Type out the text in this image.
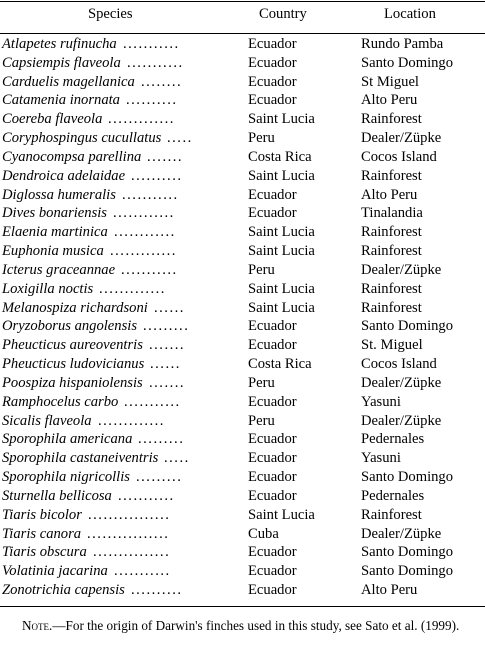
Species	Country	Location
Atlapetes rufinucha ...........	Ecuador	Rundo Pamba
Capsiempis flaveola ...........	Ecuador	Santo Domingo
Carduelis magellanica ........	Ecuador	St Miguel
Catamenia inornata ..........	Ecuador	Alto Peru
Coereba flaveola .............	Saint Lucia	Rainforest
Coryphospingus cucullatus .....	Peru	Dealer/Züpke
Cyanocompsa parellina .......	Costa Rica	Cocos Island
Dendroica adelaidae ..........	Saint Lucia	Rainforest
Diglossa humeralis ...........	Ecuador	Alto Peru
Dives bonariensis ............	Ecuador	Tinalandia
Elaenia martinica ............	Saint Lucia	Rainforest
Euphonia musica .............	Saint Lucia	Rainforest
Icterus graceannae ...........	Peru	Dealer/Züpke
Loxigilla noctis .............	Saint Lucia	Rainforest
Melanospiza richardsoni ......	Saint Lucia	Rainforest
Oryzoborus angolensis .........	Ecuador	Santo Domingo
Pheucticus aureoventris .......	Ecuador	St. Miguel
Pheucticus ludovicianus ......	Costa Rica	Cocos Island
Poospiza hispaniolensis .......	Peru	Dealer/Züpke
Ramphocelus carbo ...........	Ecuador	Yasuni
Sicalis flaveola .............	Peru	Dealer/Züpke
Sporophila americana .........	Ecuador	Pedernales
Sporophila castaneiventris .....	Ecuador	Yasuni
Sporophila nigricollis .........	Ecuador	Santo Domingo
Sturnella bellicosa ...........	Ecuador	Pedernales
Tiaris bicolor ................	Saint Lucia	Rainforest
Tiaris canora ................	Cuba	Dealer/Züpke
Tiaris obscura ...............	Ecuador	Santo Domingo
Volatinia jacarina ...........	Ecuador	Santo Domingo
Zonotrichia capensis ..........	Ecuador	Alto Peru
Note.—For the origin of Darwin's finches used in this study, see Sato et al. (1999).
